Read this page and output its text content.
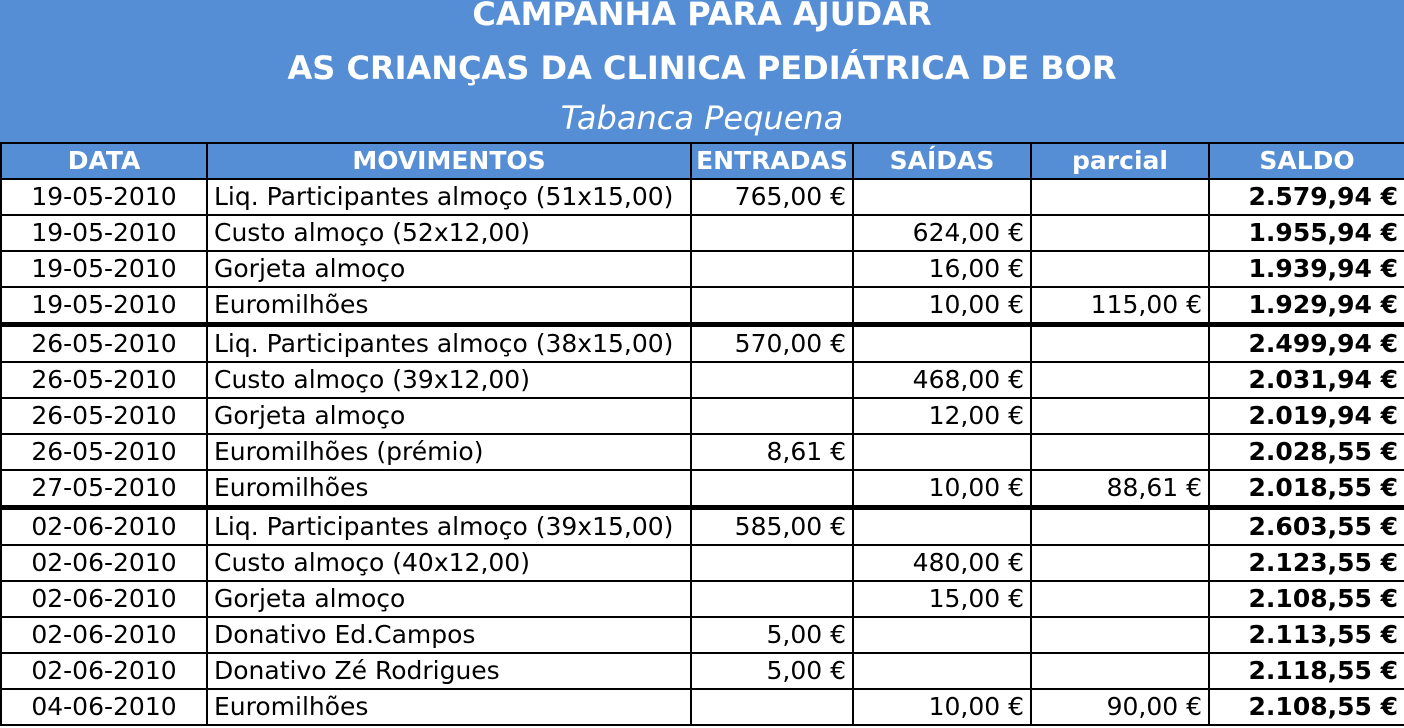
CAMPANHA PARA AJUDAR
AS CRIANÇAS DA CLINICA PEDIÁTRICA DE BOR
Tabanca Pequena
DATA	MOVIMENTOS	ENTRADAS	SAÍDAS	parcial	SALDO
19-05-2010	Liq. Participantes almoço (51x15,00)	765,00 €			2.579,94 €
19-05-2010	Custo almoço (52x12,00)		624,00 €		1.955,94 €
19-05-2010	Gorjeta almoço		16,00 €		1.939,94 €
19-05-2010	Euromilhões		10,00 €	115,00 €	1.929,94 €
26-05-2010	Liq. Participantes almoço (38x15,00)	570,00 €			2.499,94 €
26-05-2010	Custo almoço (39x12,00)		468,00 €		2.031,94 €
26-05-2010	Gorjeta almoço		12,00 €		2.019,94 €
26-05-2010	Euromilhões (prémio)	8,61 €			2.028,55 €
27-05-2010	Euromilhões		10,00 €	88,61 €	2.018,55 €
02-06-2010	Liq. Participantes almoço (39x15,00)	585,00 €			2.603,55 €
02-06-2010	Custo almoço (40x12,00)		480,00 €		2.123,55 €
02-06-2010	Gorjeta almoço		15,00 €		2.108,55 €
02-06-2010	Donativo Ed.Campos	5,00 €			2.113,55 €
02-06-2010	Donativo Zé Rodrigues	5,00 €			2.118,55 €
04-06-2010	Euromilhões		10,00 €	90,00 €	2.108,55 €
